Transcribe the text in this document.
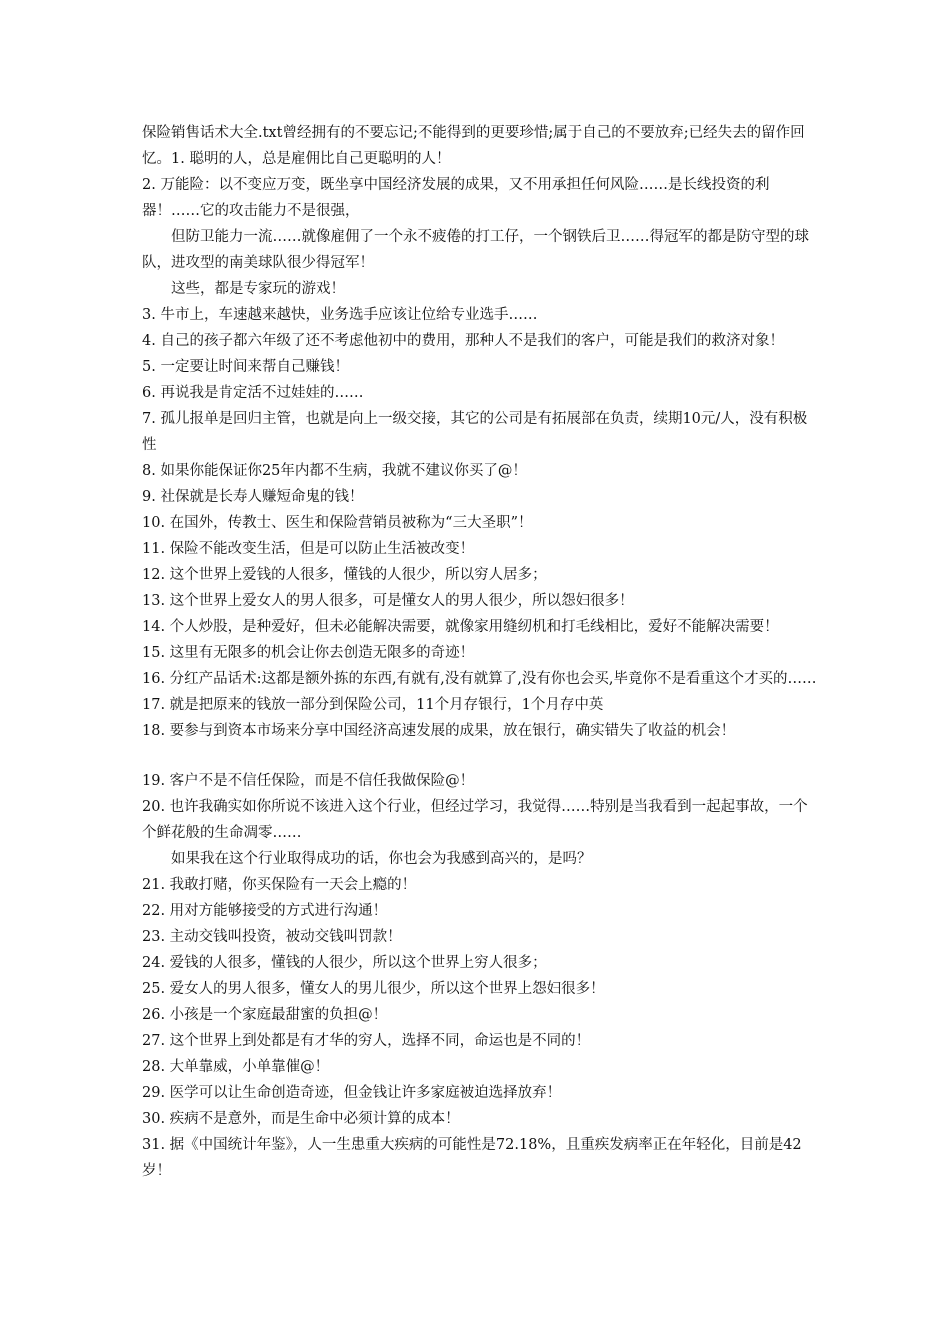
保险销售话术大全.txt曾经拥有的不要忘记;不能得到的更要珍惜;属于自己的不要放弃;已经失去的留作回忆。1. 聪明的人，总是雇佣比自己更聪明的人！

2. 万能险：以不变应万变，既坐享中国经济发展的成果，又不用承担任何风险……是长线投资的利器！……它的攻击能力不是很强，

但防卫能力一流……就像雇佣了一个永不疲倦的打工仔，一个钢铁后卫……得冠军的都是防守型的球队，进攻型的南美球队很少得冠军！

这些，都是专家玩的游戏！

3. 牛市上，车速越来越快，业务选手应该让位给专业选手……

4. 自己的孩子都六年级了还不考虑他初中的费用，那种人不是我们的客户，可能是我们的救济对象！

5. 一定要让时间来帮自己赚钱！

6. 再说我是肯定活不过娃娃的……

7. 孤儿报单是回归主管，也就是向上一级交接，其它的公司是有拓展部在负责，续期10元/人，没有积极性

8. 如果你能保证你25年内都不生病，我就不建议你买了@！

9. 社保就是长寿人赚短命鬼的钱！

10. 在国外，传教士、医生和保险营销员被称为“三大圣职”！

11. 保险不能改变生活，但是可以防止生活被改变！

12. 这个世界上爱钱的人很多，懂钱的人很少，所以穷人居多；

13. 这个世界上爱女人的男人很多，可是懂女人的男人很少，所以怨妇很多！

14. 个人炒股，是种爱好，但未必能解决需要，就像家用缝纫机和打毛线相比，爱好不能解决需要！

15. 这里有无限多的机会让你去创造无限多的奇迹！

16. 分红产品话术:这都是额外拣的东西,有就有,没有就算了,没有你也会买,毕竟你不是看重这个才买的……

17. 就是把原来的钱放一部分到保险公司，11个月存银行，1个月存中英

18. 要参与到资本市场来分享中国经济高速发展的成果，放在银行，确实错失了收益的机会！

19. 客户不是不信任保险，而是不信任我做保险@！

20. 也许我确实如你所说不该进入这个行业，但经过学习，我觉得……特别是当我看到一起起事故，一个个鲜花般的生命凋零……

如果我在这个行业取得成功的话，你也会为我感到高兴的，是吗？

21. 我敢打赌，你买保险有一天会上瘾的！

22. 用对方能够接受的方式进行沟通！

23. 主动交钱叫投资，被动交钱叫罚款！

24. 爱钱的人很多，懂钱的人很少，所以这个世界上穷人很多；

25. 爱女人的男人很多，懂女人的男儿很少，所以这个世界上怨妇很多！

26. 小孩是一个家庭最甜蜜的负担@！

27. 这个世界上到处都是有才华的穷人，选择不同，命运也是不同的！

28. 大单靠威，小单靠催@！

29. 医学可以让生命创造奇迹，但金钱让许多家庭被迫选择放弃！

30. 疾病不是意外，而是生命中必须计算的成本！

31. 据《中国统计年鉴》，人一生患重大疾病的可能性是72.18%，且重疾发病率正在年轻化，目前是42岁！
